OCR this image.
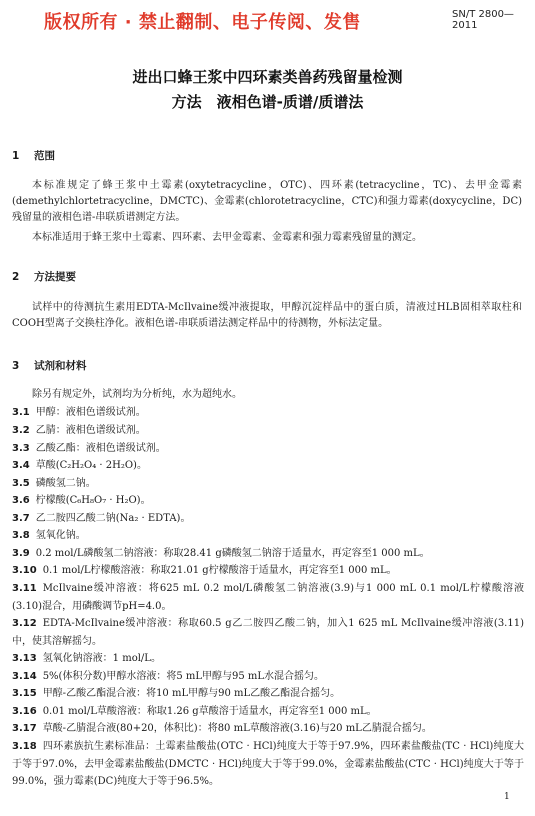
版权所有 · 禁止翻制、电子传阅、发售	SN/T 2800—2011
进出口蜂王浆中四环素类兽药残留量检测
方法　液相色谱-质谱/质谱法
1 范围
本标准规定了蜂王浆中土霉素(oxytetracycline，OTC)、四环素(tetracycline，TC)、去甲金霉素(demethylchlortetracycline，DMCTC)、金霉素(chlorotetracycline，CTC)和强力霉素(doxycycline，DC)残留量的液相色谱-串联质谱测定方法。
本标准适用于蜂王浆中土霉素、四环素、去甲金霉素、金霉素和强力霉素残留量的测定。
2 方法提要
试样中的待测抗生素用EDTA-McIlvaine缓冲液提取，甲醇沉淀样品中的蛋白质，清液过HLB固相萃取柱和COOH型离子交换柱净化。液相色谱-串联质谱法测定样品中的待测物，外标法定量。
3 试剂和材料
除另有规定外，试剂均为分析纯，水为超纯水。
3.1 甲醇：液相色谱级试剂。
3.2 乙腈：液相色谱级试剂。
3.3 乙酸乙酯：液相色谱级试剂。
3.4 草酸(C₂H₂O₄ · 2H₂O)。
3.5 磷酸氢二钠。
3.6 柠檬酸(C₆H₈O₇ · H₂O)。
3.7 乙二胺四乙酸二钠(Na₂ · EDTA)。
3.8 氢氧化钠。
3.9 0.2 mol/L磷酸氢二钠溶液：称取28.41 g磷酸氢二钠溶于适量水，再定容至1 000 mL。
3.10 0.1 mol/L柠檬酸溶液：称取21.01 g柠檬酸溶于适量水，再定容至1 000 mL。
3.11 McIlvaine缓冲溶液：将625 mL 0.2 mol/L磷酸氢二钠溶液(3.9)与1 000 mL 0.1 mol/L柠檬酸溶液(3.10)混合，用磷酸调节pH=4.0。
3.12 EDTA-McIlvaine缓冲溶液：称取60.5 g乙二胺四乙酸二钠，加入1 625 mL McIlvaine缓冲溶液(3.11)中，使其溶解摇匀。
3.13 氢氧化钠溶液：1 mol/L。
3.14 5%(体积分数)甲醇水溶液：将5 mL甲醇与95 mL水混合摇匀。
3.15 甲醇-乙酸乙酯混合液：将10 mL甲醇与90 mL乙酸乙酯混合摇匀。
3.16 0.01 mol/L草酸溶液：称取1.26 g草酸溶于适量水，再定容至1 000 mL。
3.17 草酸-乙腈混合液(80+20，体积比)：将80 mL草酸溶液(3.16)与20 mL乙腈混合摇匀。
3.18 四环素族抗生素标准品：土霉素盐酸盐(OTC · HCl)纯度大于等于97.9%，四环素盐酸盐(TC · HCl)纯度大于等于97.0%，去甲金霉素盐酸盐(DMCTC · HCl)纯度大于等于99.0%，金霉素盐酸盐(CTC · HCl)纯度大于等于99.0%，强力霉素(DC)纯度大于等于96.5%。
1
